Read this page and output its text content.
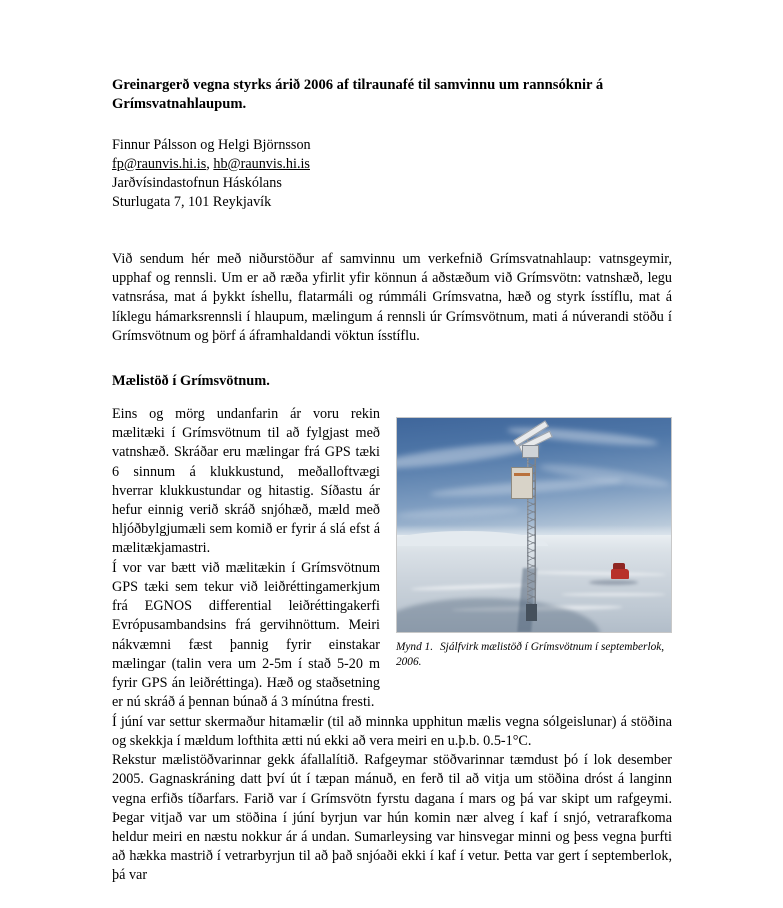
Greinargerð vegna styrks árið 2006 af tilraunafé til samvinnu um rannsóknir á Grímsvatnahlaupum.
Finnur Pálsson og Helgi Björnsson
fp@raunvis.hi.is, hb@raunvis.hi.is
Jarðvísindastofnun Háskólans
Sturlugata 7, 101 Reykjavík

Við sendum hér með niðurstöður af samvinnu um verkefnið Grímsvatnahlaup: vatnsgeymir, upphaf og rennsli. Um er að ræða yfirlit yfir könnun á aðstæðum við Grímsvötn: vatnshæð, legu vatnsrása, mat á þykkt íshellu, flatarmáli og rúmmáli Grímsvatna, hæð og styrk ísstíflu, mat á líklegu hámarksrennsli í hlaupum, mælingum á rennsli úr Grímsvötnum, mati á núverandi stöðu í Grímsvötnum og þörf á áframhaldandi vöktun ísstíflu.

Mælistöð í Grímsvötnum.
Mynd 1. Sjálfvirk mælistöð í Grímsvötnum í septemberlok, 2006.

Eins og mörg undanfarin ár voru rekin mælitæki í Grímsvötnum til að fylgjast með vatnshæð. Skráðar eru mælingar frá GPS tæki 6 sinnum á klukkustund, meðalloftvægi hverrar klukkustundar og hitastig. Síðastu ár hefur einnig verið skráð snjóhæð, mæld með hljóðbylgjumæli sem komið er fyrir á slá efst á mælitækjamastri.

Í vor var bætt við mælitækin í Grímsvötnum GPS tæki sem tekur við leiðréttingamerkjum frá EGNOS differential leiðréttingakerfi Evrópusambandsins frá gervihnöttum. Meiri nákvæmni fæst þannig fyrir einstakar mælingar (talin vera um 2-5m í stað 5-20 m fyrir GPS án leiðréttinga). Hæð og staðsetning er nú skráð á þennan búnað á 3 mínútna fresti.

Í júní var settur skermaður hitamælir (til að minnka upphitun mælis vegna sólgeislunar) á stöðina og skekkja í mældum lofthita ætti nú ekki að vera meiri en u.þ.b. 0.5-1°C.

Rekstur mælistöðvarinnar gekk áfallalítið. Rafgeymar stöðvarinnar tæmdust þó í lok desember 2005. Gagnaskráning datt því út í tæpan mánuð, en ferð til að vitja um stöðina dróst á langinn vegna erfiðs tíðarfars. Farið var í Grímsvötn fyrstu dagana í mars og þá var skipt um rafgeymi. Þegar vitjað var um stöðina í júní byrjun var hún komin nær alveg í kaf í snjó, vetrarafkoma heldur meiri en næstu nokkur ár á undan. Sumarleysing var hinsvegar minni og þess vegna þurfti að hækka mastrið í vetrarbyrjun til að það snjóaði ekki í kaf í vetur. Þetta var gert í septemberlok, þá var
